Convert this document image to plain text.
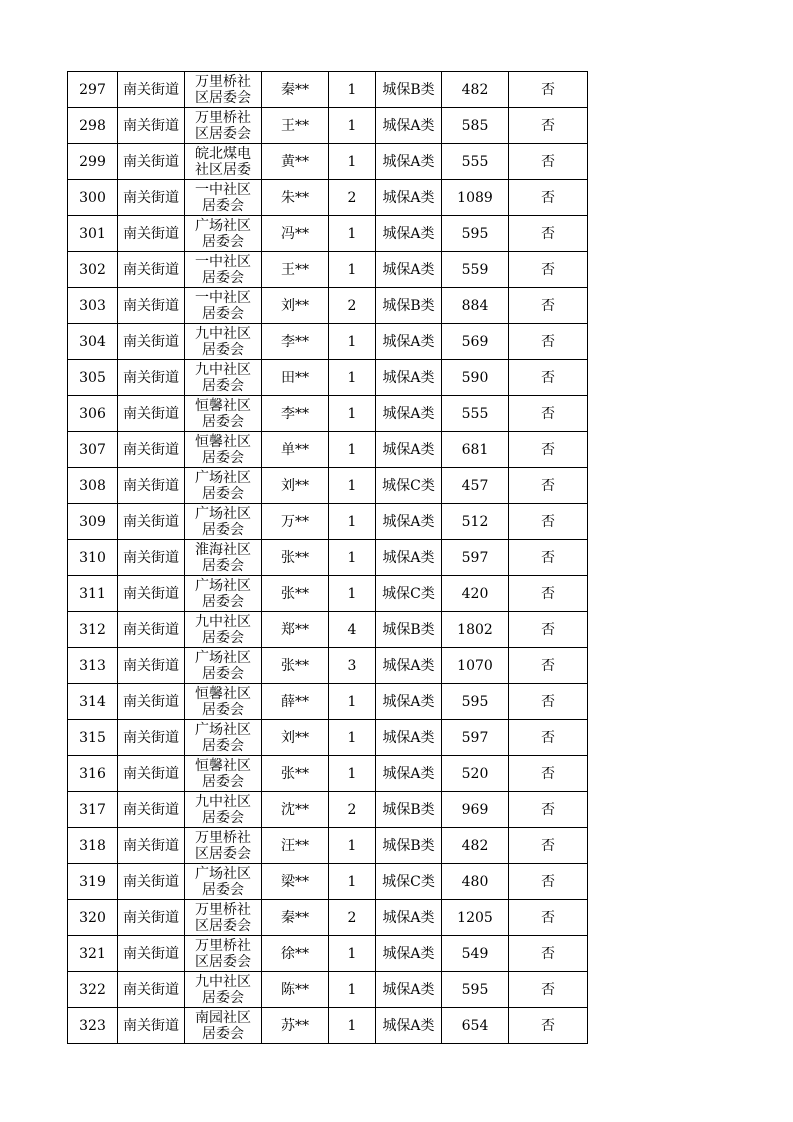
297	南关街道	万里桥社
区居委会	秦**	1	城保B类	482	否
298	南关街道	万里桥社
区居委会	王**	1	城保A类	585	否
299	南关街道	皖北煤电
社区居委	黄**	1	城保A类	555	否
300	南关街道	一中社区
居委会	朱**	2	城保A类	1089	否
301	南关街道	广场社区
居委会	冯**	1	城保A类	595	否
302	南关街道	一中社区
居委会	王**	1	城保A类	559	否
303	南关街道	一中社区
居委会	刘**	2	城保B类	884	否
304	南关街道	九中社区
居委会	李**	1	城保A类	569	否
305	南关街道	九中社区
居委会	田**	1	城保A类	590	否
306	南关街道	恒馨社区
居委会	李**	1	城保A类	555	否
307	南关街道	恒馨社区
居委会	单**	1	城保A类	681	否
308	南关街道	广场社区
居委会	刘**	1	城保C类	457	否
309	南关街道	广场社区
居委会	万**	1	城保A类	512	否
310	南关街道	淮海社区
居委会	张**	1	城保A类	597	否
311	南关街道	广场社区
居委会	张**	1	城保C类	420	否
312	南关街道	九中社区
居委会	郑**	4	城保B类	1802	否
313	南关街道	广场社区
居委会	张**	3	城保A类	1070	否
314	南关街道	恒馨社区
居委会	薛**	1	城保A类	595	否
315	南关街道	广场社区
居委会	刘**	1	城保A类	597	否
316	南关街道	恒馨社区
居委会	张**	1	城保A类	520	否
317	南关街道	九中社区
居委会	沈**	2	城保B类	969	否
318	南关街道	万里桥社
区居委会	汪**	1	城保B类	482	否
319	南关街道	广场社区
居委会	梁**	1	城保C类	480	否
320	南关街道	万里桥社
区居委会	秦**	2	城保A类	1205	否
321	南关街道	万里桥社
区居委会	徐**	1	城保A类	549	否
322	南关街道	九中社区
居委会	陈**	1	城保A类	595	否
323	南关街道	南园社区
居委会	苏**	1	城保A类	654	否
